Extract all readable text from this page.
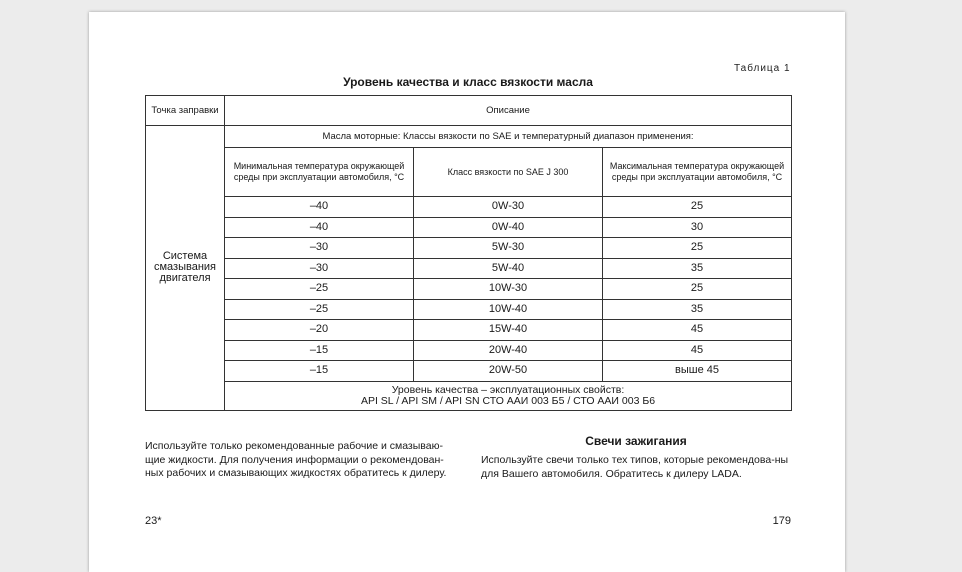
Таблица 1
Уровень качества и класс вязкости масла
Точка заправки	Описание		
Система смазывания двигателя	Масла моторные: Классы вязкости по SAE и температурный диапазон применения:		
	Минимальная температура окружающей среды при эксплуатации автомобиля, °С	Класс вязкости по SAE J 300	Максимальная температура окружающей среды при эксплуатации автомобиля, °С
	–40	0W-30	25
	–40	0W-40	30
	–30	5W-30	25
	–30	5W-40	35
	–25	10W-30	25
	–25	10W-40	35
	–20	15W-40	45
	–15	20W-40	45
	–15	20W-50	выше 45

	Уровень качества – эксплуатационных свойств:
API SL / API SM / API SN СТО ААИ 003 Б5 / СТО ААИ 003 Б6		
Используйте только рекомендованные рабочие и смазываю-щие жидкости. Для получения информации о рекомендован-ных рабочих и смазывающих жидкостях обратитесь к дилеру.
Свечи зажигания
Используйте свечи только тех типов, которые рекомендова-ны для Вашего автомобиля. Обратитесь к дилеру LADA.
23*	179
